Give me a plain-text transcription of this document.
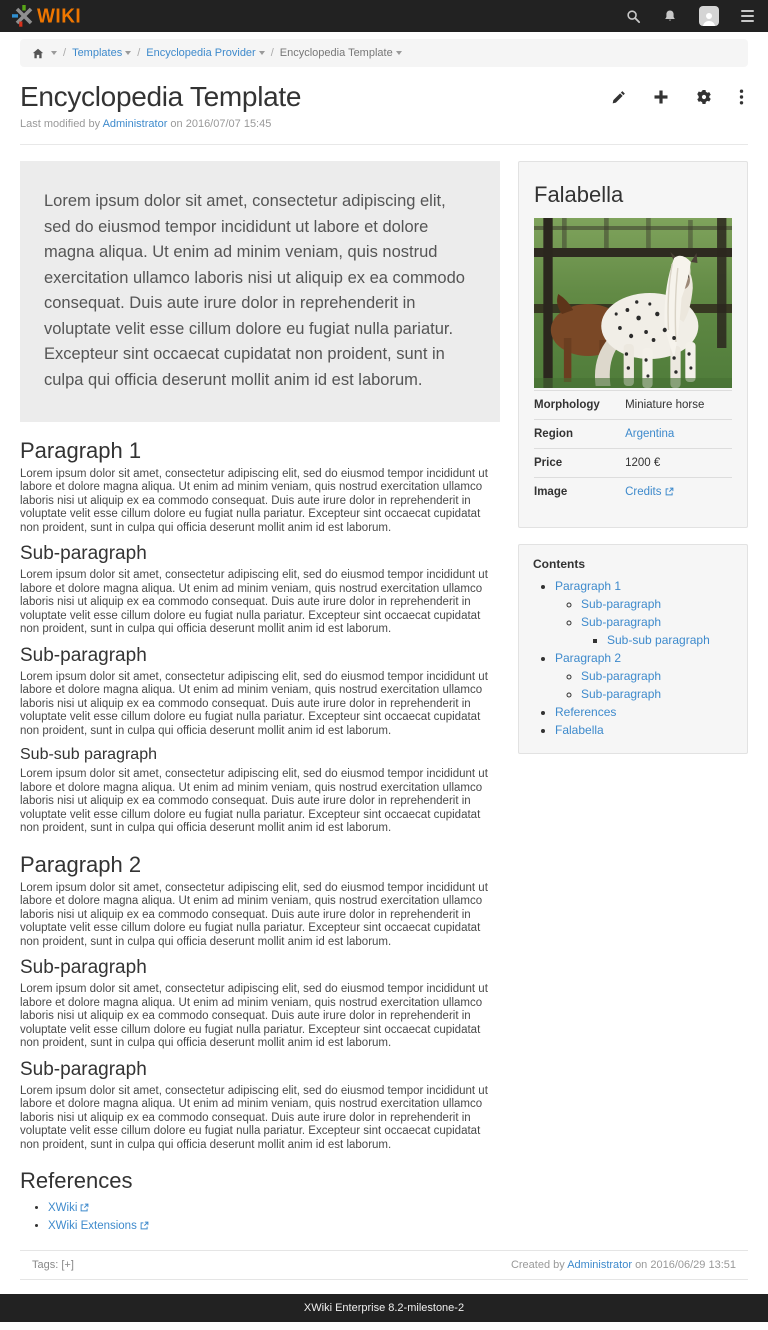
WIKI
/ Templates	/ Encyclopedia Provider	/ Encyclopedia Template
Encyclopedia Template
Last modified by Administrator on 2016/07/07 15:45
Lorem ipsum dolor sit amet, consectetur adipiscing elit, sed do eiusmod tempor incididunt ut labore et dolore magna aliqua. Ut enim ad minim veniam, quis nostrud exercitation ullamco laboris nisi ut aliquip ex ea commodo consequat. Duis aute irure dolor in reprehenderit in voluptate velit esse cillum dolore eu fugiat nulla pariatur. Excepteur sint occaecat cupidatat non proident, sunt in culpa qui officia deserunt mollit anim id est laborum.
Paragraph 1

Lorem ipsum dolor sit amet, consectetur adipiscing elit, sed do eiusmod tempor incididunt ut labore et dolore magna aliqua. Ut enim ad minim veniam, quis nostrud exercitation ullamco laboris nisi ut aliquip ex ea commodo consequat. Duis aute irure dolor in reprehenderit in voluptate velit esse cillum dolore eu fugiat nulla pariatur. Excepteur sint occaecat cupidatat non proident, sunt in culpa qui officia deserunt mollit anim id est laborum.

Sub-paragraph

Lorem ipsum dolor sit amet, consectetur adipiscing elit, sed do eiusmod tempor incididunt ut labore et dolore magna aliqua. Ut enim ad minim veniam, quis nostrud exercitation ullamco laboris nisi ut aliquip ex ea commodo consequat. Duis aute irure dolor in reprehenderit in voluptate velit esse cillum dolore eu fugiat nulla pariatur. Excepteur sint occaecat cupidatat non proident, sunt in culpa qui officia deserunt mollit anim id est laborum.

Sub-paragraph

Lorem ipsum dolor sit amet, consectetur adipiscing elit, sed do eiusmod tempor incididunt ut labore et dolore magna aliqua. Ut enim ad minim veniam, quis nostrud exercitation ullamco laboris nisi ut aliquip ex ea commodo consequat. Duis aute irure dolor in reprehenderit in voluptate velit esse cillum dolore eu fugiat nulla pariatur. Excepteur sint occaecat cupidatat non proident, sunt in culpa qui officia deserunt mollit anim id est laborum.

Sub-sub paragraph

Lorem ipsum dolor sit amet, consectetur adipiscing elit, sed do eiusmod tempor incididunt ut labore et dolore magna aliqua. Ut enim ad minim veniam, quis nostrud exercitation ullamco laboris nisi ut aliquip ex ea commodo consequat. Duis aute irure dolor in reprehenderit in voluptate velit esse cillum dolore eu fugiat nulla pariatur. Excepteur sint occaecat cupidatat non proident, sunt in culpa qui officia deserunt mollit anim id est laborum.

Paragraph 2

Lorem ipsum dolor sit amet, consectetur adipiscing elit, sed do eiusmod tempor incididunt ut labore et dolore magna aliqua. Ut enim ad minim veniam, quis nostrud exercitation ullamco laboris nisi ut aliquip ex ea commodo consequat. Duis aute irure dolor in reprehenderit in voluptate velit esse cillum dolore eu fugiat nulla pariatur. Excepteur sint occaecat cupidatat non proident, sunt in culpa qui officia deserunt mollit anim id est laborum.

Sub-paragraph

Lorem ipsum dolor sit amet, consectetur adipiscing elit, sed do eiusmod tempor incididunt ut labore et dolore magna aliqua. Ut enim ad minim veniam, quis nostrud exercitation ullamco laboris nisi ut aliquip ex ea commodo consequat. Duis aute irure dolor in reprehenderit in voluptate velit esse cillum dolore eu fugiat nulla pariatur. Excepteur sint occaecat cupidatat non proident, sunt in culpa qui officia deserunt mollit anim id est laborum.

Sub-paragraph

Lorem ipsum dolor sit amet, consectetur adipiscing elit, sed do eiusmod tempor incididunt ut labore et dolore magna aliqua. Ut enim ad minim veniam, quis nostrud exercitation ullamco laboris nisi ut aliquip ex ea commodo consequat. Duis aute irure dolor in reprehenderit in voluptate velit esse cillum dolore eu fugiat nulla pariatur. Excepteur sint occaecat cupidatat non proident, sunt in culpa qui officia deserunt mollit anim id est laborum.

References
• XWiki
• XWiki Extensions
Falabella
Morphology	Miniature horse
Region	Argentina
Price	1200 €
Image	Credits
Contents
• Paragraph 1
◦ Sub-paragraph
◦ Sub-paragraph
▪ Sub-sub paragraph
• Paragraph 2
◦ Sub-paragraph
◦ Sub-paragraph
• References
• Falabella
Tags: [+]	Created by Administrator on 2016/06/29 13:51
XWiki Enterprise 8.2-milestone-2
